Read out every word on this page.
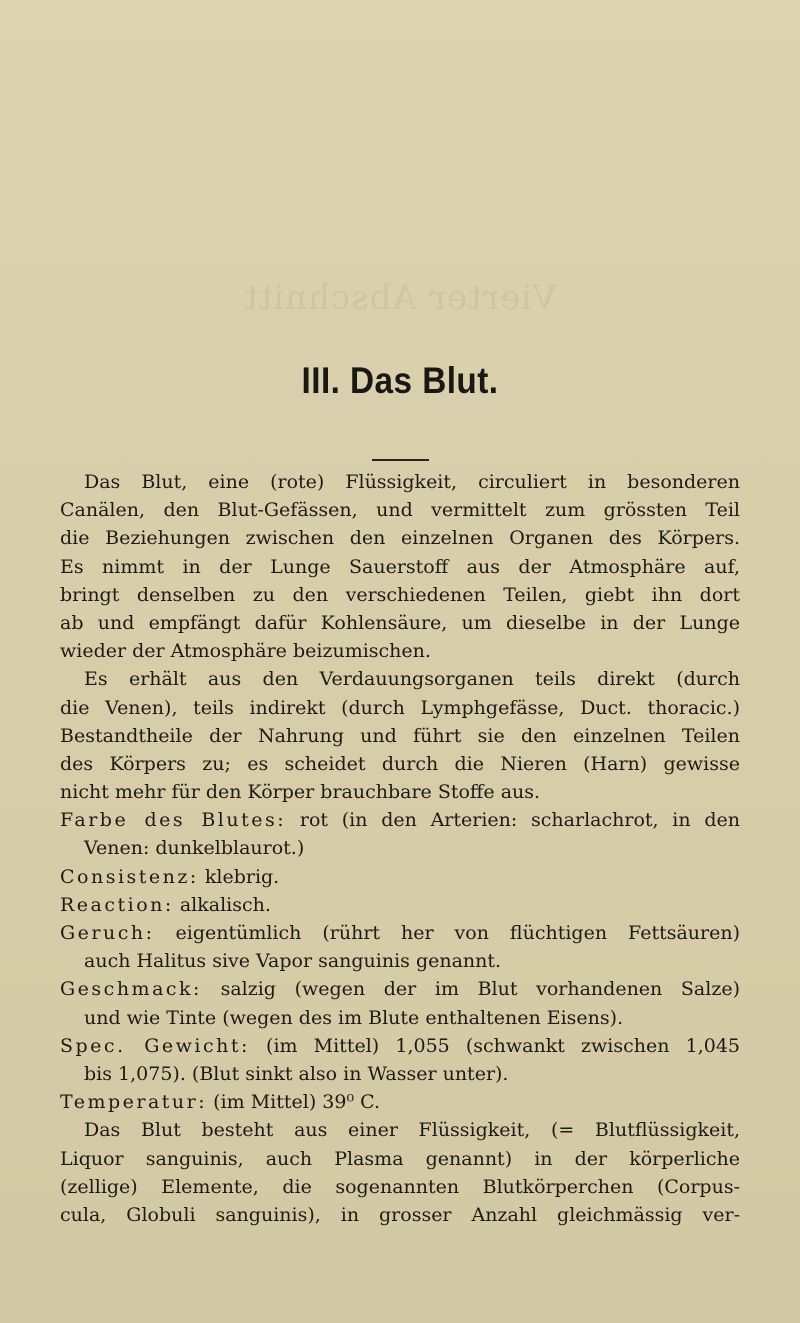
Vierter Abschnitt
III. Das Blut.
Das Blut, eine (rote) Flüssigkeit, circuliert in besonderen
Canälen, den Blut-Gefässen, und vermittelt zum grössten Teil
die Beziehungen zwischen den einzelnen Organen des Körpers.
Es nimmt in der Lunge Sauerstoff aus der Atmosphäre auf,
bringt denselben zu den verschiedenen Teilen, giebt ihn dort
ab und empfängt dafür Kohlensäure, um dieselbe in der Lunge
wieder der Atmosphäre beizumischen.
Es erhält aus den Verdauungsorganen teils direkt (durch
die Venen), teils indirekt (durch Lymphgefässe, Duct. thoracic.)
Bestandtheile der Nahrung und führt sie den einzelnen Teilen
des Körpers zu; es scheidet durch die Nieren (Harn) gewisse
nicht mehr für den Körper brauchbare Stoffe aus.
Farbe des Blutes: rot (in den Arterien: scharlachrot, in den
Venen: dunkelblaurot.)
Consistenz: klebrig.
Reaction: alkalisch.
Geruch: eigentümlich (rührt her von flüchtigen Fettsäuren)
auch Halitus sive Vapor sanguinis genannt.
Geschmack: salzig (wegen der im Blut vorhandenen Salze)
und wie Tinte (wegen des im Blute enthaltenen Eisens).
Spec. Gewicht: (im Mittel) 1,055 (schwankt zwischen 1,045
bis 1,075). (Blut sinkt also in Wasser unter).
Temperatur: (im Mittel) 39⁰ C.
Das Blut besteht aus einer Flüssigkeit, (= Blutflüssigkeit,
Liquor sanguinis, auch Plasma genannt) in der körperliche
(zellige) Elemente, die sogenannten Blutkörperchen (Corpus-
cula, Globuli sanguinis), in grosser Anzahl gleichmässig ver-
